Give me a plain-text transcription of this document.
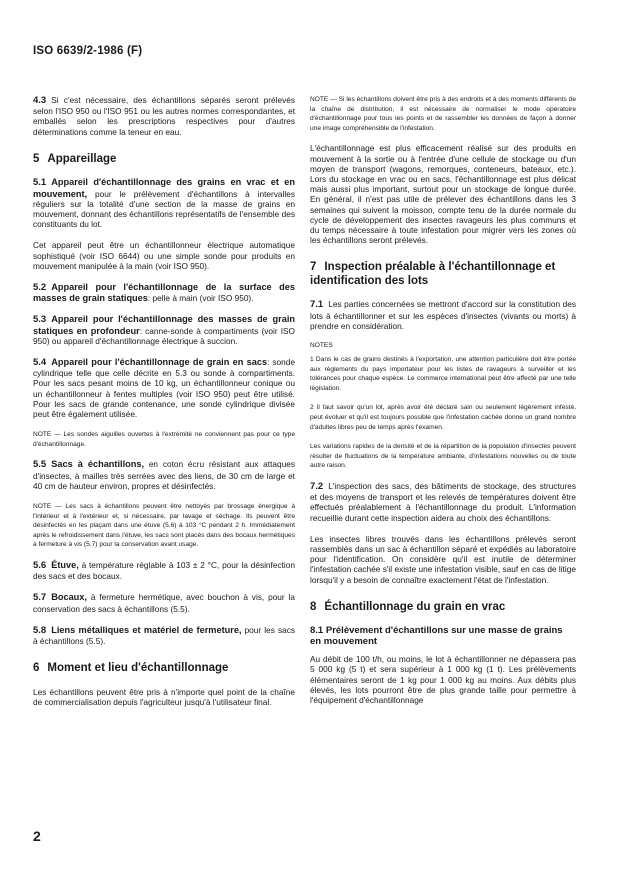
ISO 6639/2-1986 (F)

4.3 Si c'est nécessaire, des échantillons séparés seront prélevés selon l'ISO 950 ou l'ISO 951 ou les autres normes correspondantes, et emballés selon les prescriptions respectives pour d'autres déterminations comme la teneur en eau.

5 Appareillage

5.1 Appareil d'échantillonnage des grains en vrac et en mouvement, pour le prélèvement d'échantillons à intervalles réguliers sur la totalité d'une section de la masse de grains en mouvement, donnant des échantillons représentatifs de l'ensemble des constituants du lot.

Cet appareil peut être un échantillonneur électrique automatique sophistiqué (voir ISO 6644) ou une simple sonde pour produits en mouvement manipulée à la main (voir ISO 950).

5.2 Appareil pour l'échantillonnage de la surface des masses de grain statiques: pelle à main (voir ISO 950).

5.3 Appareil pour l'échantillonnage des masses de grain statiques en profondeur: canne-sonde à compartiments (voir ISO 950) ou appareil d'échantillonnage électrique à succion.

5.4 Appareil pour l'échantillonnage de grain en sacs: sonde cylindrique telle que celle décrite en 5.3 ou sonde à compartiments. Pour les sacs pesant moins de 10 kg, un échantillonneur conique ou un échantillonneur à fentes multiples (voir ISO 950) peut être utilisé. Pour les sacs de grande contenance, une sonde cylindrique divisée peut être également utilisée.

NOTE — Les sondes aiguilles ouvertes à l'extrémité ne conviennent pas pour ce type d'échantillonnage.

5.5 Sacs à échantillons, en coton écru résistant aux attaques d'insectes, à mailles très serrées avec des liens, de 30 cm de large et 40 cm de hauteur environ, propres et désinfectés.

NOTE — Les sacs à échantillons peuvent être nettoyés par brossage énergique à l'intérieur et à l'extérieur et, si nécessaire, par lavage et séchage. Ils peuvent être désinfectés en les plaçant dans une étuve (5.6) à 103 °C pendant 2 h. Immédiatement après le refroidissement dans l'étuve, les sacs sont placés dans des bocaux hermétiques à fermeture à vis (5.7) pour la conservation avant usage.

5.6 Étuve, à température réglable à 103 ± 2 °C, pour la désinfection des sacs et des bocaux.

5.7 Bocaux, à fermeture hermétique, avec bouchon à vis, pour la conservation des sacs à échantillons (5.5).

5.8 Liens métalliques et matériel de fermeture, pour les sacs à échantillons (5.5).

6 Moment et lieu d'échantillonnage

Les échantillons peuvent être pris à n'importe quel point de la chaîne de commercialisation depuis l'agriculteur jusqu'à l'utilisateur final.

NOTE — Si les échantillons doivent être pris à des endroits et à des moments différents de la chaîne de distribution, il est nécessaire de normaliser le mode opératoire d'échantillonnage pour tous les points et de rassembler les données de façon à donner une image compréhensible de l'infestation.

L'échantillonnage est plus efficacement réalisé sur des produits en mouvement à la sortie ou à l'entrée d'une cellule de stockage ou d'un moyen de transport (wagons, remorques, conteneurs, bateaux, etc.). Lors du stockage en vrac ou en sacs, l'échantillonnage est plus délicat mais aussi plus important, surtout pour un stockage de longue durée. En général, il n'est pas utile de prélever des échantillons dans les 3 semaines qui suivent la moisson, compte tenu de la durée normale du cycle de développement des insectes ravageurs les plus communs et du temps nécessaire à toute infestation pour migrer vers les zones où les échantillons seront prélevés.

7 Inspection préalable à l'échantillonnage et identification des lots

7.1 Les parties concernées se mettront d'accord sur la constitution des lots à échantillonner et sur les espèces d'insectes (vivants ou morts) à prendre en considération.

NOTES

1 Dans le cas de grains destinés à l'exportation, une attention particulière doit être portée aux règlements du pays importateur pour les listes de ravageurs à surveiller et les tolérances pour chaque espèce. Le commerce international peut être affecté par une telle législation.

2 Il faut savoir qu'un lot, après avoir été déclaré sain ou seulement légèrement infesté, peut évoluer et qu'il est toujours possible que l'infestation cachée donne un grand nombre d'adultes libres peu de temps après l'examen.

Les variations rapides de la densité et de la répartition de la population d'insectes peuvent résulter de fluctuations de la température ambiante, d'infestations nouvelles ou de toute autre raison.

7.2 L'inspection des sacs, des bâtiments de stockage, des structures et des moyens de transport et les relevés de températures doivent être effectués préalablement à l'échantillonnage du produit. L'information recueillie durant cette inspection aidera au choix des échantillons.

Les insectes libres trouvés dans les échantillons prélevés seront rassemblés dans un sac à échantillon séparé et expédiés au laboratoire pour l'identification. On considère qu'il est inutile de déterminer l'infestation cachée s'il existe une infestation visible, sauf en cas de litige lorsqu'il y a besoin de connaître exactement l'état de l'infestation.

8 Échantillonnage du grain en vrac
8.1 Prélèvement d'échantillons sur une masse de grains en mouvement

Au débit de 100 t/h, ou moins, le lot à échantillonner ne dépassera pas 5 000 kg (5 t) et sera supérieur à 1 000 kg (1 t). Les prélèvements élémentaires seront de 1 kg pour 1 000 kg au moins. Aux débits plus élevés, les lots pourront être de plus grande taille pour permettre à l'équipement d'échantillonnage

2
